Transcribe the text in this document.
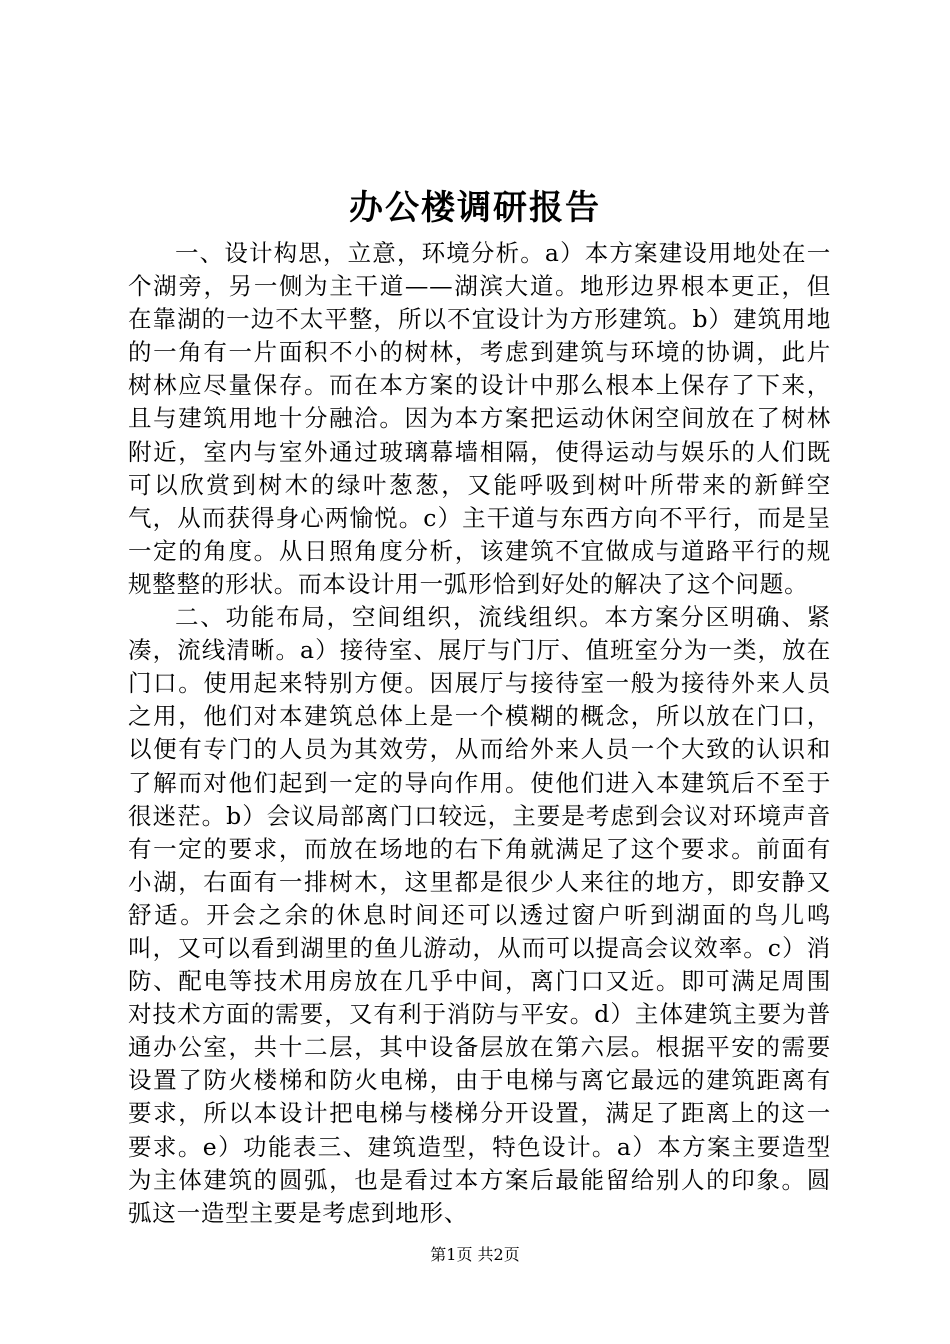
办公楼调研报告

一、设计构思，立意，环境分析。a）本方案建设用地处在一个湖旁，另一侧为主干道——湖滨大道。地形边界根本更正，但在靠湖的一边不太平整，所以不宜设计为方形建筑。b）建筑用地的一角有一片面积不小的树林，考虑到建筑与环境的协调，此片树林应尽量保存。而在本方案的设计中那么根本上保存了下来，且与建筑用地十分融洽。因为本方案把运动休闲空间放在了树林附近，室内与室外通过玻璃幕墙相隔，使得运动与娱乐的人们既可以欣赏到树木的绿叶葱葱，又能呼吸到树叶所带来的新鲜空气，从而获得身心两愉悦。c）主干道与东西方向不平行，而是呈一定的角度。从日照角度分析，该建筑不宜做成与道路平行的规规整整的形状。而本设计用一弧形恰到好处的解决了这个问题。

二、功能布局，空间组织，流线组织。本方案分区明确、紧凑，流线清晰。a）接待室、展厅与门厅、值班室分为一类，放在门口。使用起来特别方便。因展厅与接待室一般为接待外来人员之用，他们对本建筑总体上是一个模糊的概念，所以放在门口，以便有专门的人员为其效劳，从而给外来人员一个大致的认识和了解而对他们起到一定的导向作用。使他们进入本建筑后不至于很迷茫。b）会议局部离门口较远，主要是考虑到会议对环境声音有一定的要求，而放在场地的右下角就满足了这个要求。前面有小湖，右面有一排树木，这里都是很少人来往的地方，即安静又舒适。开会之余的休息时间还可以透过窗户听到湖面的鸟儿鸣叫，又可以看到湖里的鱼儿游动，从而可以提高会议效率。c）消防、配电等技术用房放在几乎中间，离门口又近。即可满足周围对技术方面的需要，又有利于消防与平安。d）主体建筑主要为普通办公室，共十二层，其中设备层放在第六层。根据平安的需要设置了防火楼梯和防火电梯，由于电梯与离它最远的建筑距离有要求，所以本设计把电梯与楼梯分开设置，满足了距离上的这一要求。e）功能表三、建筑造型，特色设计。a）本方案主要造型为主体建筑的圆弧，也是看过本方案后最能留给别人的印象。圆弧这一造型主要是考虑到地形、

第1页 共2页
